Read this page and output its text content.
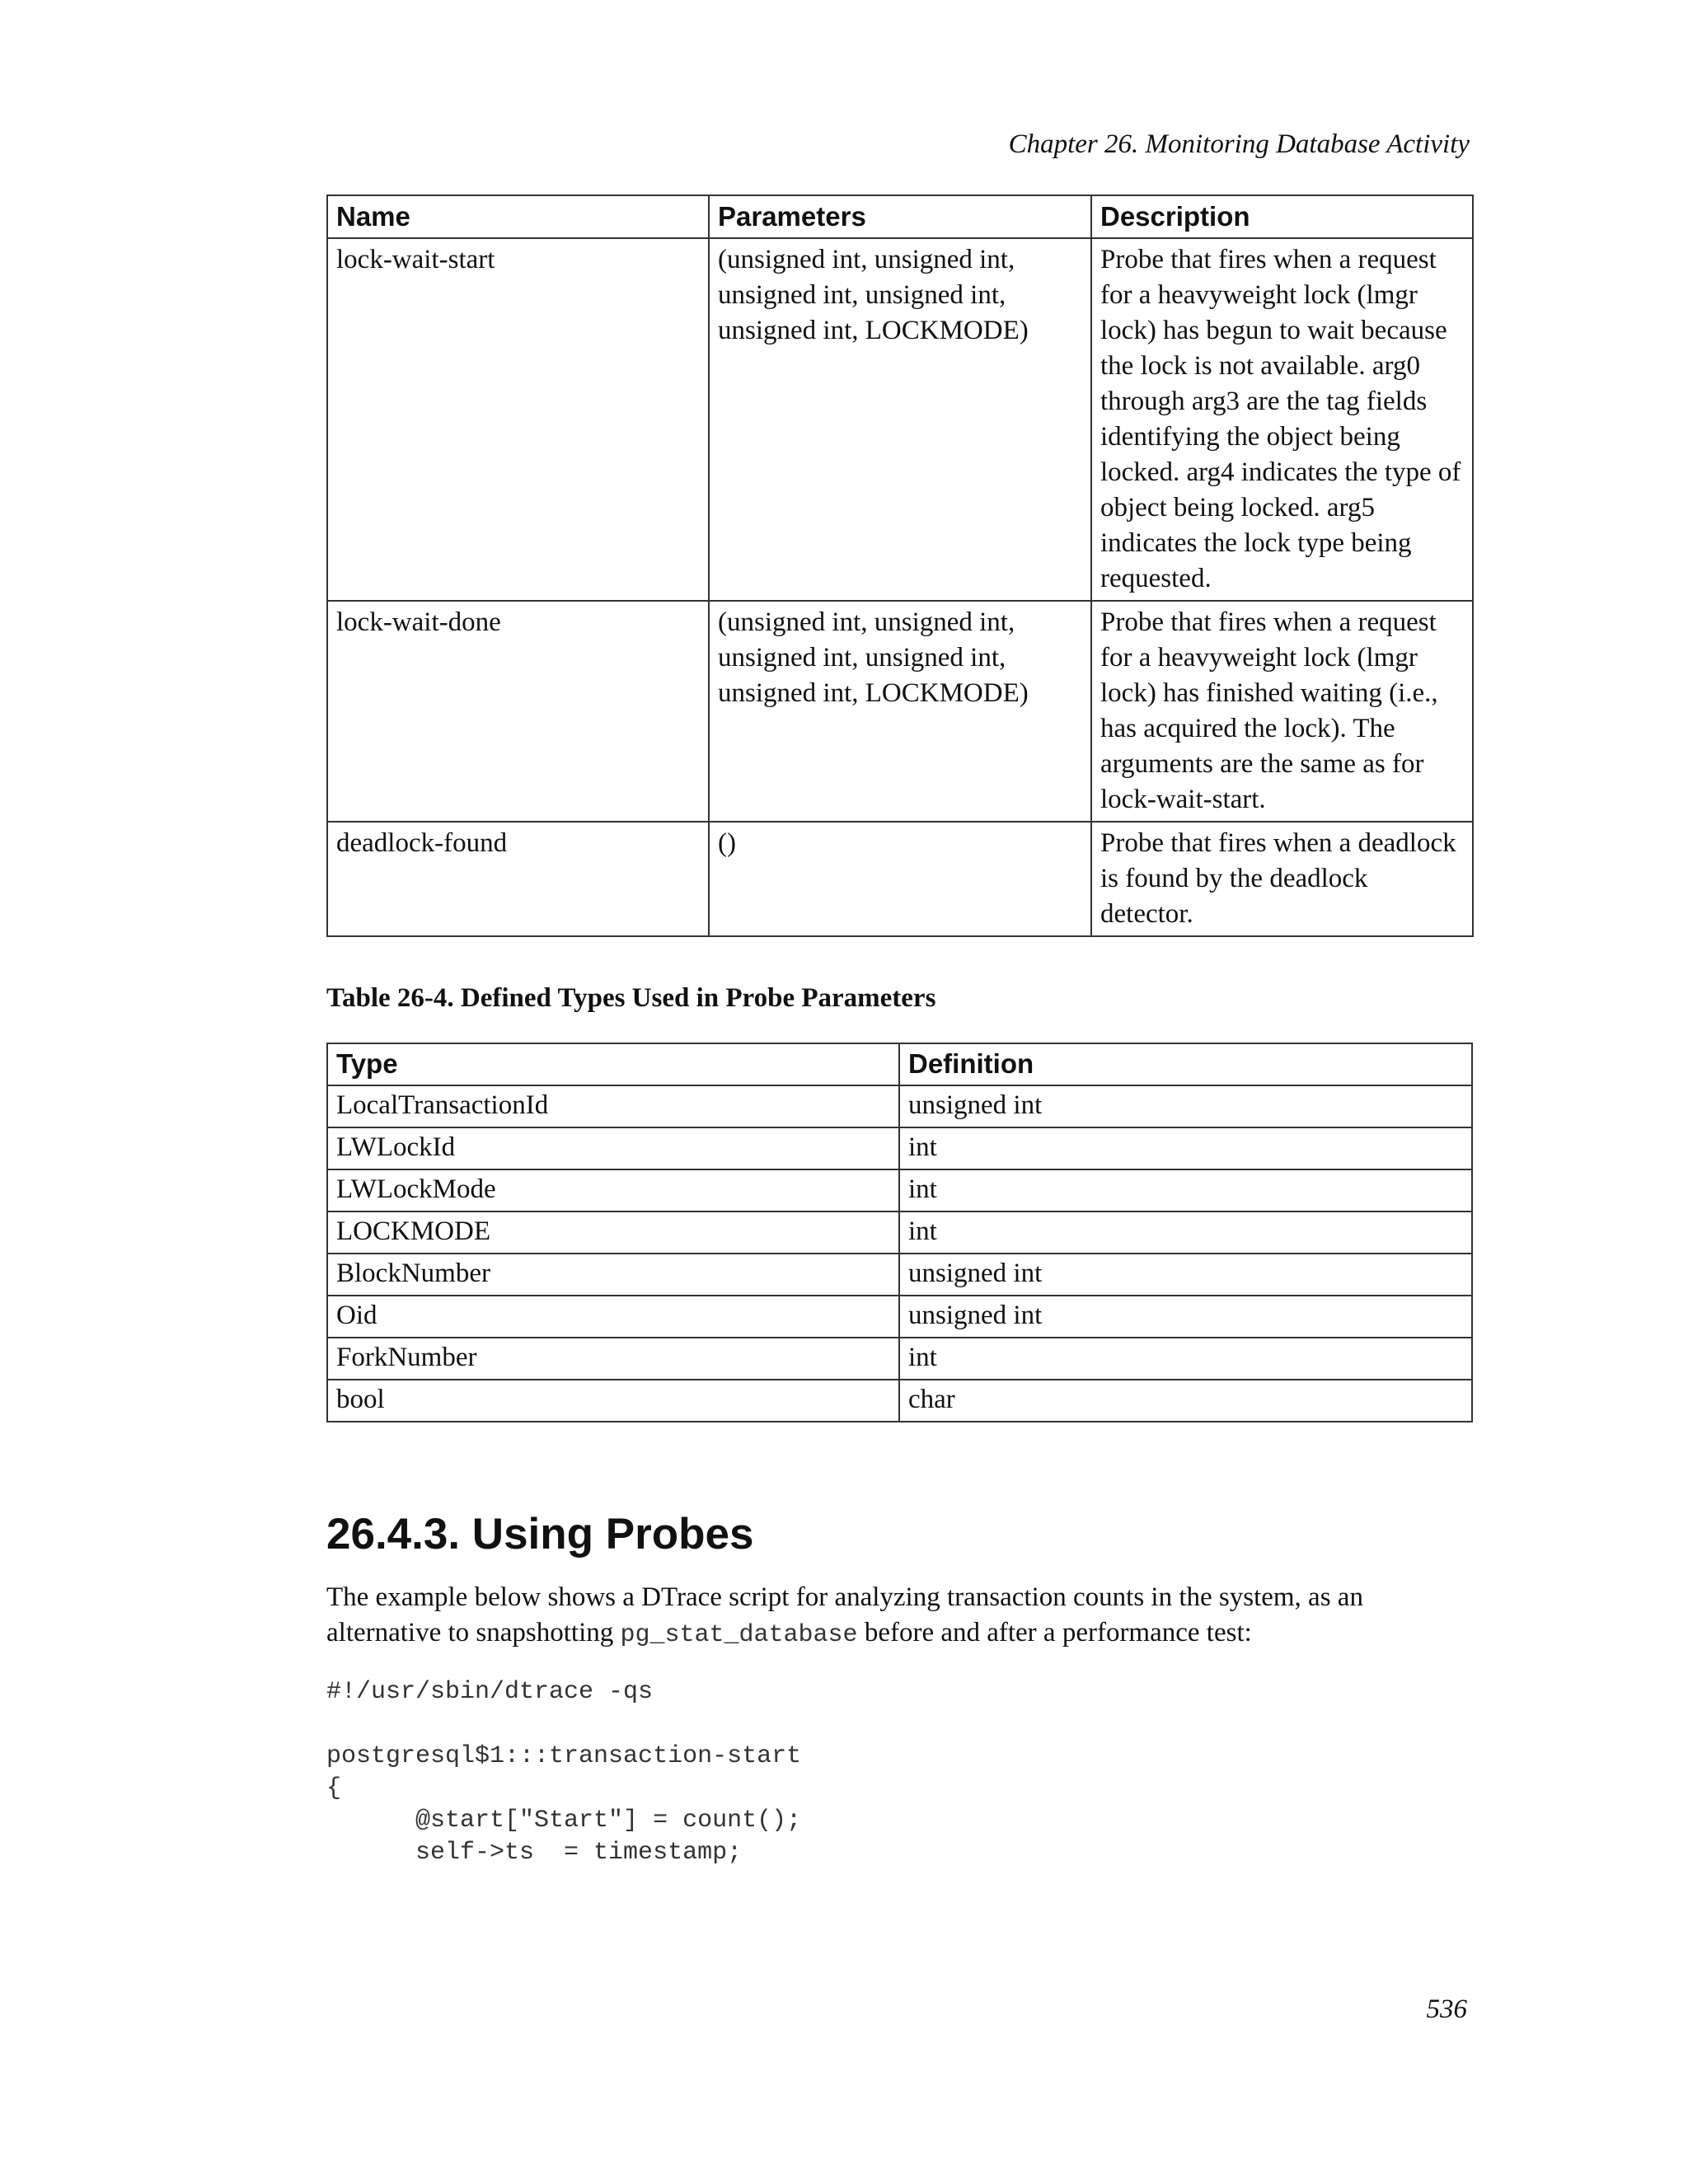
Chapter 26. Monitoring Database Activity
Name	Parameters	Description
lock-wait-start	(unsigned int, unsigned int, unsigned int, unsigned int, unsigned int, LOCKMODE)	Probe that fires when a request for a heavyweight lock (lmgr lock) has begun to wait because the lock is not available. arg0 through arg3 are the tag fields identifying the object being locked. arg4 indicates the type of object being locked. arg5 indicates the lock type being requested.
lock-wait-done	(unsigned int, unsigned int, unsigned int, unsigned int, unsigned int, LOCKMODE)	Probe that fires when a request for a heavyweight lock (lmgr lock) has finished waiting (i.e., has acquired the lock). The arguments are the same as for lock-wait-start.
deadlock-found	()	Probe that fires when a deadlock is found by the deadlock detector.
Table 26-4. Defined Types Used in Probe Parameters
Type	Definition
LocalTransactionId	unsigned int
LWLockId	int
LWLockMode	int
LOCKMODE	int
BlockNumber	unsigned int
Oid	unsigned int
ForkNumber	int
bool	char
26.4.3. Using Probes

The example below shows a DTrace script for analyzing transaction counts in the system, as an alternative to snapshotting pg_stat_database before and after a performance test:

#!/usr/sbin/dtrace -qs

postgresql$1:::transaction-start
{
@start["Start"] = count();
self->ts  = timestamp;
536
